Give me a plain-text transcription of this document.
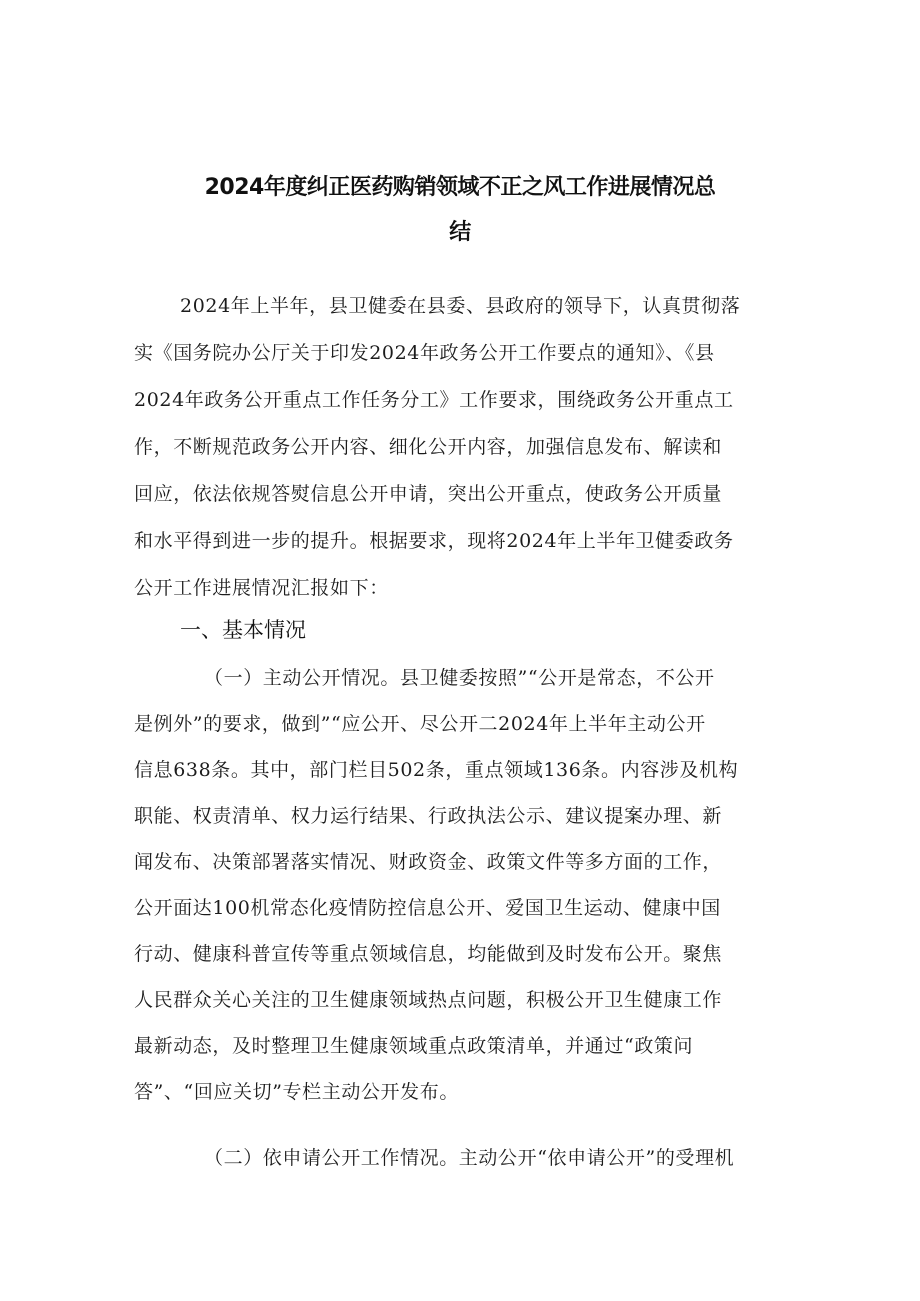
2024年度纠正医药购销领域不正之风工作进展情况总
结
2024年上半年，县卫健委在县委、县政府的领导下，认真贯彻落
实《国务院办公厅关于印发2024年政务公开工作要点的通知》、《县
2024年政务公开重点工作任务分工》工作要求，围绕政务公开重点工
作，不断规范政务公开内容、细化公开内容，加强信息发布、解读和
回应，依法依规答熨信息公开申请，突出公开重点，使政务公开质量
和水平得到进一步的提升。根据要求，现将2024年上半年卫健委政务
公开工作进展情况汇报如下：
一、基本情况
（一）主动公开情况。县卫健委按照”“公开是常态，不公开
是例外”的要求，做到”“应公开、尽公开二2024年上半年主动公开
信息638条。其中，部门栏目502条，重点领域136条。内容涉及机构
职能、权责清单、权力运行结果、行政执法公示、建议提案办理、新
闻发布、决策部署落实情况、财政资金、政策文件等多方面的工作，
公开面达100机常态化疫情防控信息公开、爱国卫生运动、健康中国
行动、健康科普宣传等重点领域信息，均能做到及时发布公开。聚焦
人民群众关心关注的卫生健康领域热点问题，积极公开卫生健康工作
最新动态，及时整理卫生健康领域重点政策清单，并通过“政策问
答”、“回应关切”专栏主动公开发布。
（二）依申请公开工作情况。主动公开“依申请公开”的受理机
